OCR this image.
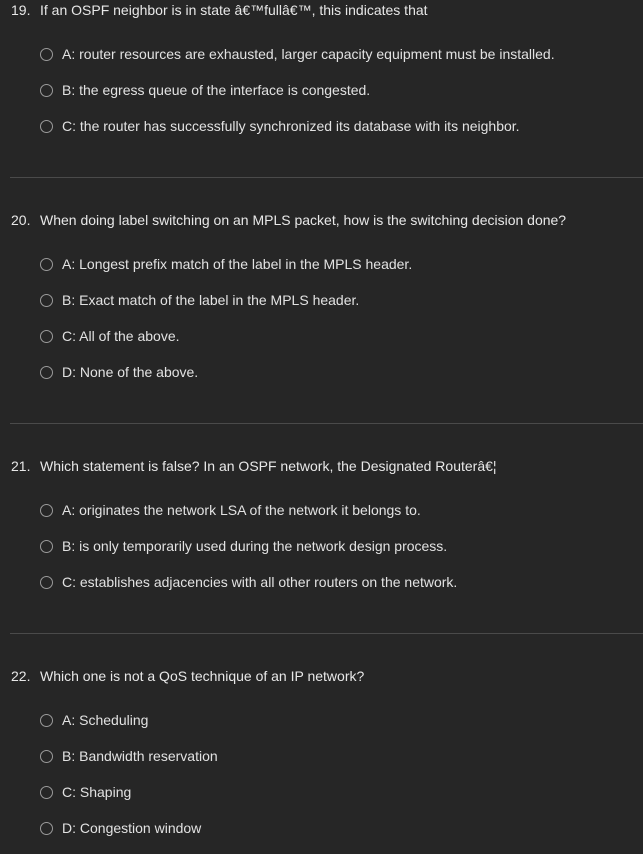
19. If an OSPF neighbor is in state â€™fullâ€™, this indicates that
A: router resources are exhausted, larger capacity equipment must be installed.
B: the egress queue of the interface is congested.
C: the router has successfully synchronized its database with its neighbor.
20. When doing label switching on an MPLS packet, how is the switching decision done?
A: Longest prefix match of the label in the MPLS header.
B: Exact match of the label in the MPLS header.
C: All of the above.
D: None of the above.
21. Which statement is false? In an OSPF network, the Designated Routerâ€¦
A: originates the network LSA of the network it belongs to.
B: is only temporarily used during the network design process.
C: establishes adjacencies with all other routers on the network.
22. Which one is not a QoS technique of an IP network?
A: Scheduling
B: Bandwidth reservation
C: Shaping
D: Congestion window
